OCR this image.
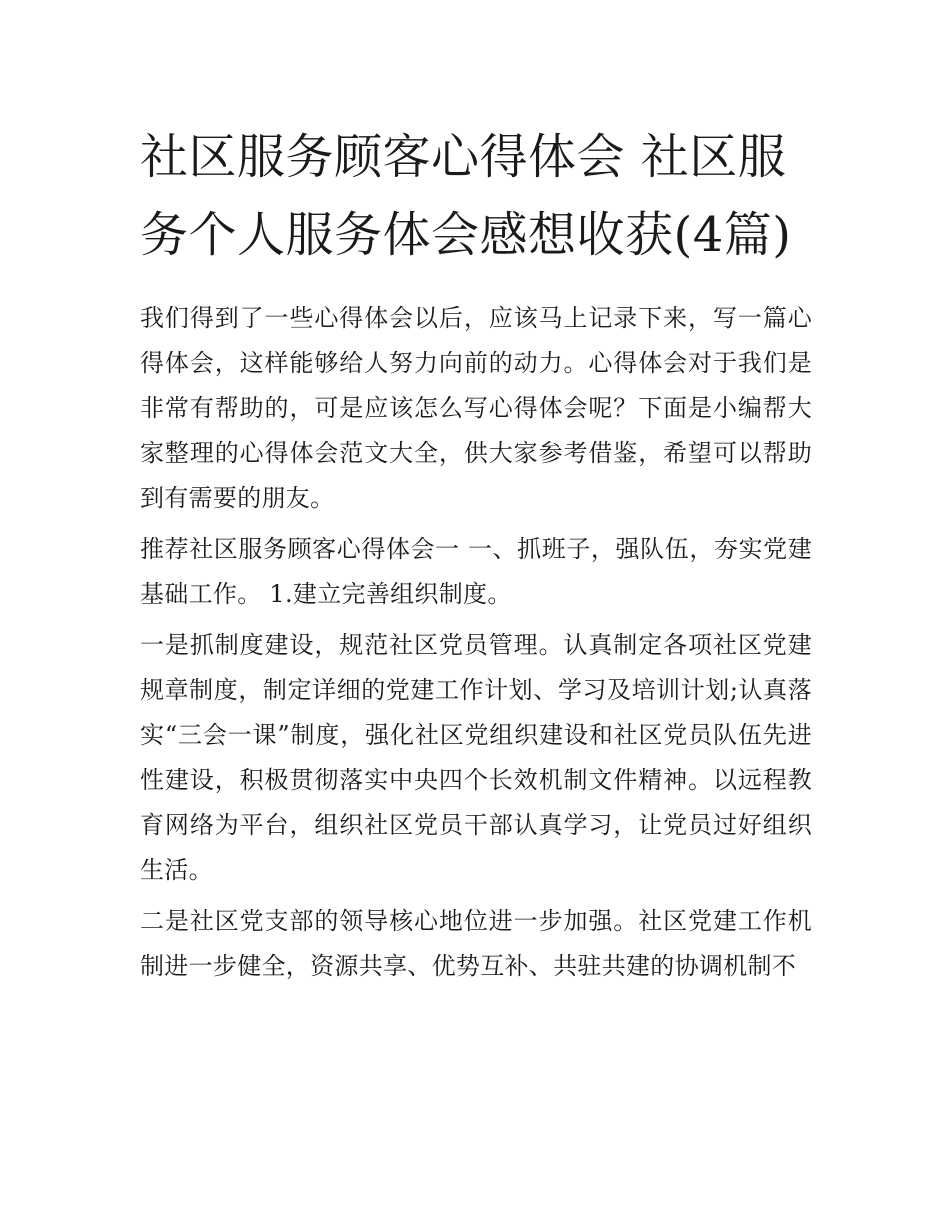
社区服务顾客心得体会 社区服务个人服务体会感想收获(4篇)

我们得到了一些心得体会以后，应该马上记录下来，写一篇心得体会，这样能够给人努力向前的动力。心得体会对于我们是非常有帮助的，可是应该怎么写心得体会呢？下面是小编帮大家整理的心得体会范文大全，供大家参考借鉴，希望可以帮助到有需要的朋友。

推荐社区服务顾客心得体会一 一、抓班子，强队伍，夯实党建基础工作。 1.建立完善组织制度。

一是抓制度建设，规范社区党员管理。认真制定各项社区党建规章制度，制定详细的党建工作计划、学习及培训计划;认真落实“三会一课”制度，强化社区党组织建设和社区党员队伍先进性建设，积极贯彻落实中央四个长效机制文件精神。以远程教育网络为平台，组织社区党员干部认真学习，让党员过好组织生活。

二是社区党支部的领导核心地位进一步加强。社区党建工作机制进一步健全，资源共享、优势互补、共驻共建的协调机制不
